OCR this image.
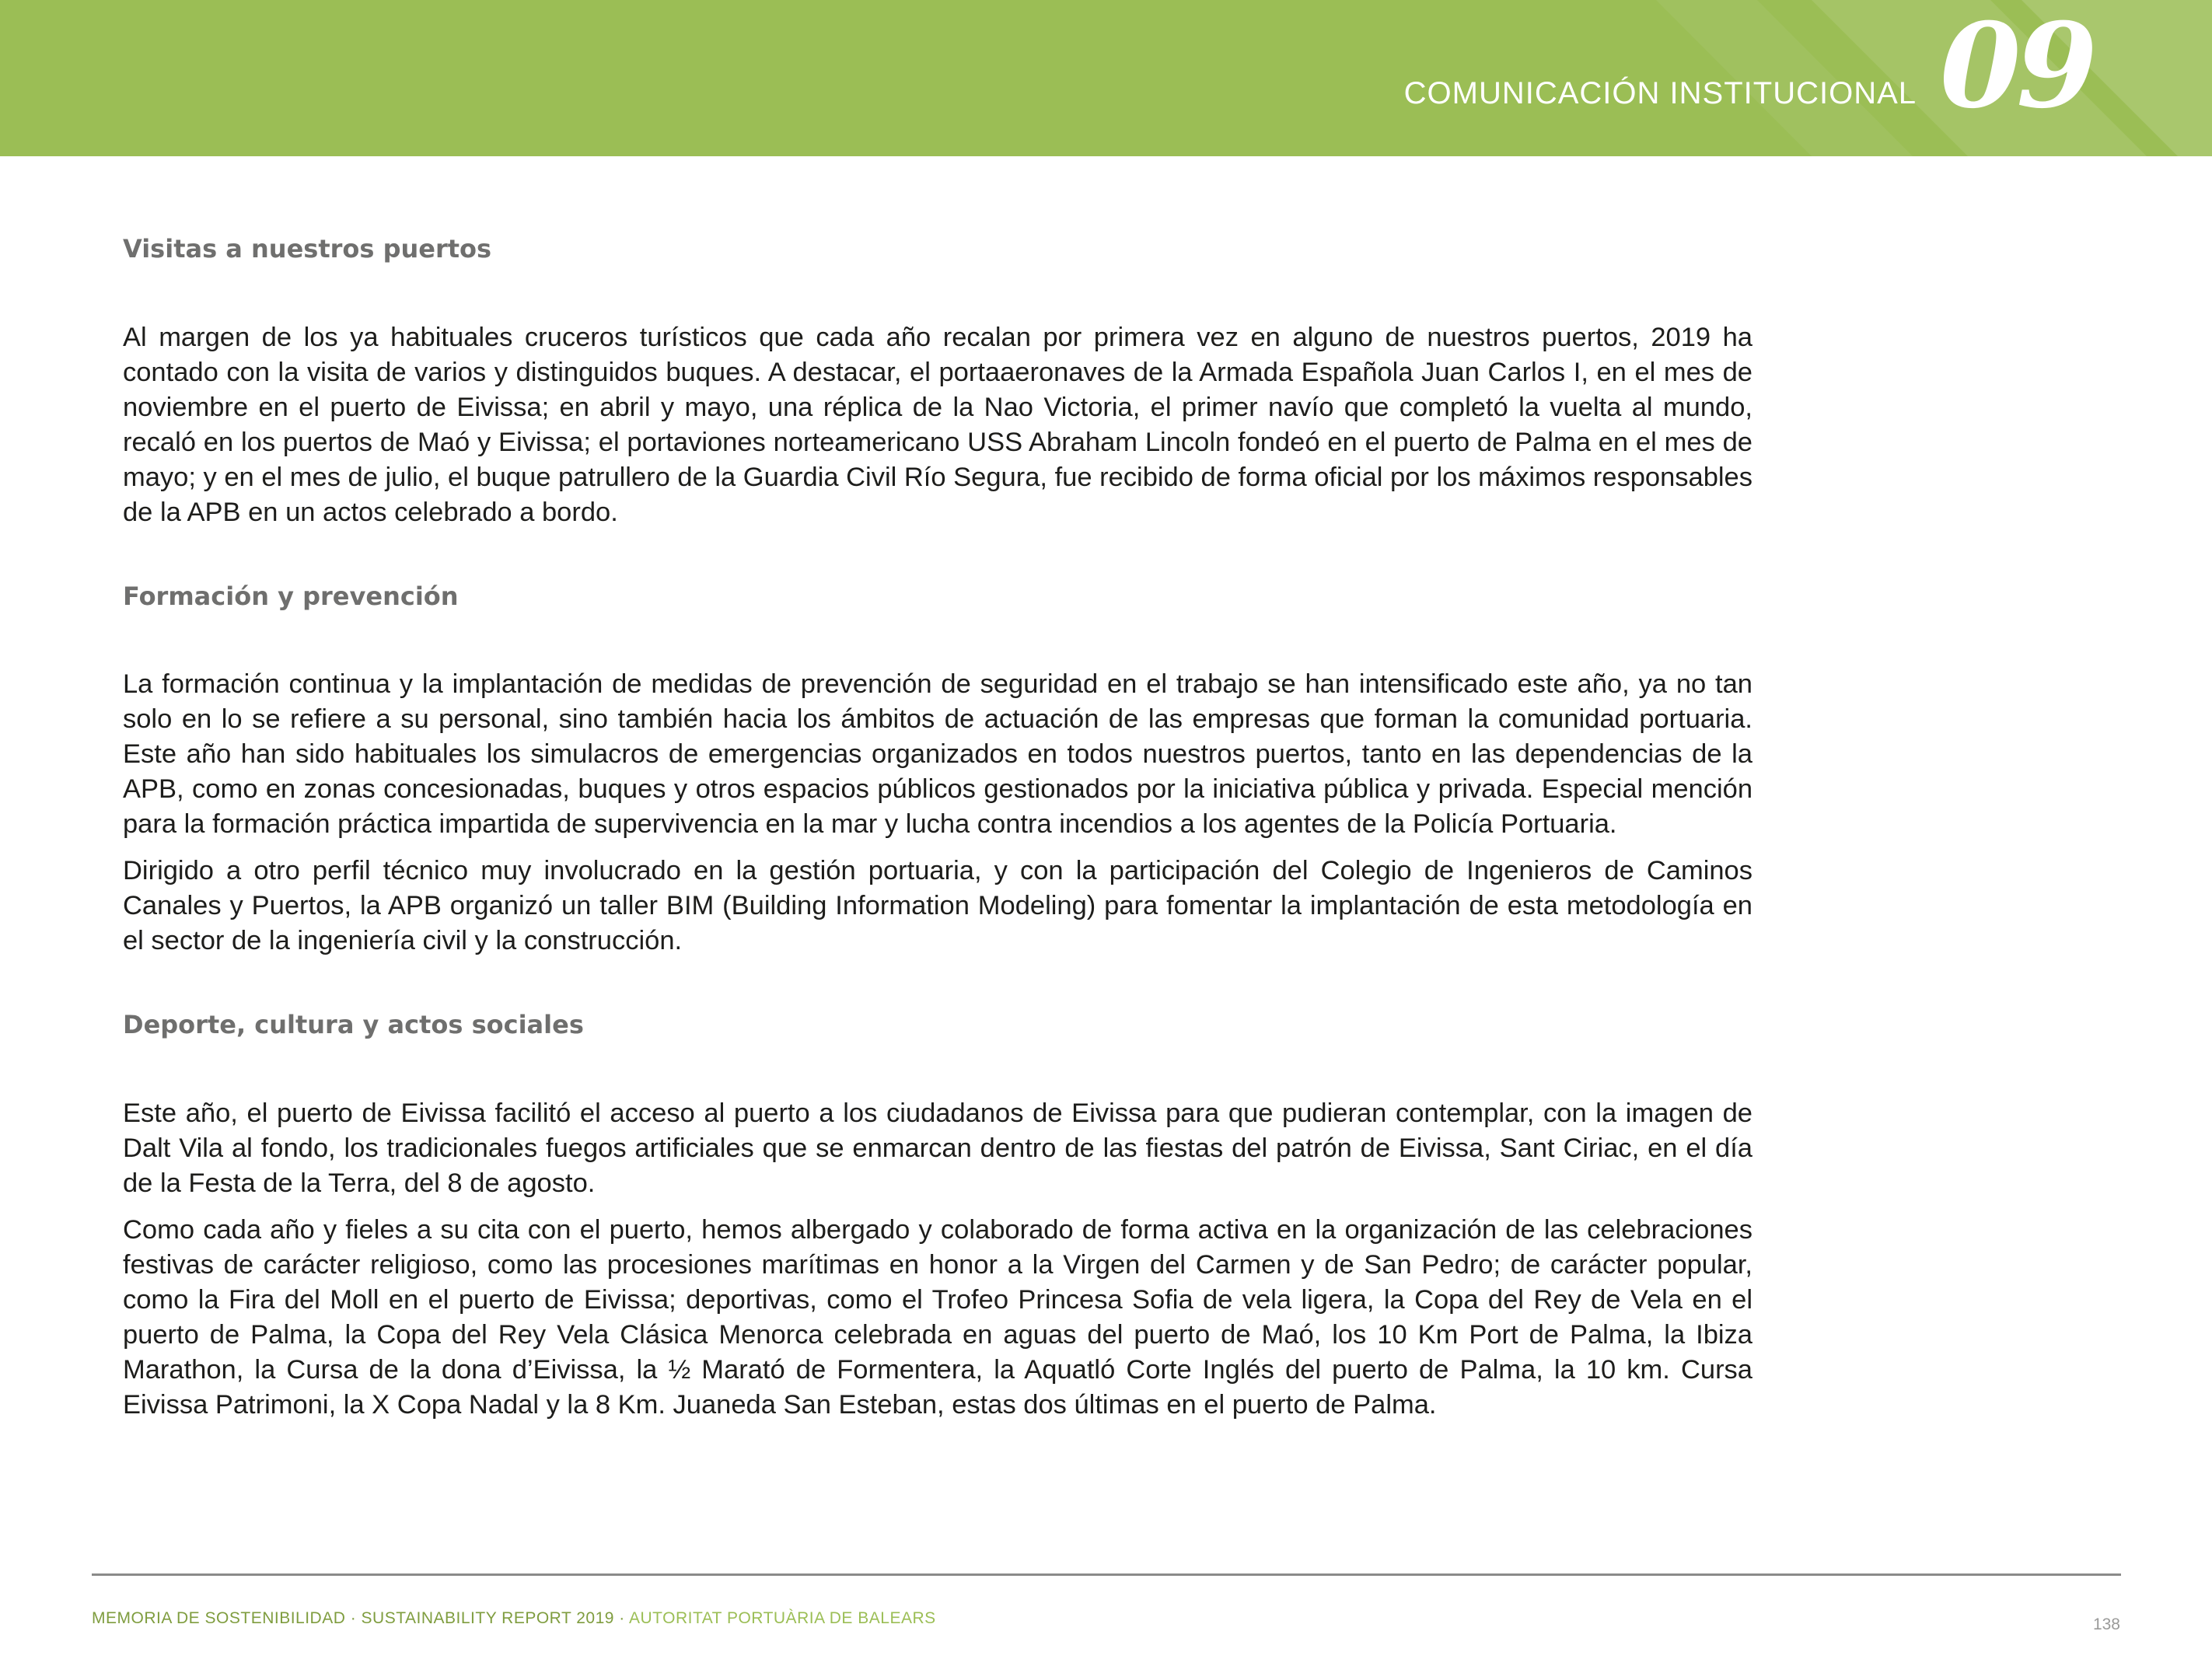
COMUNICACIÓN INSTITUCIONAL 09
Visitas a nuestros puertos

Al margen de los ya habituales cruceros turísticos que cada año recalan por primera vez en alguno de nuestros puertos, 2019 ha contado con la visita de varios y distinguidos buques. A destacar, el portaaeronaves de la Armada Española Juan Carlos I, en el mes de noviembre en el puerto de Eivissa; en abril y mayo, una réplica de la Nao Victoria, el primer navío que completó la vuelta al mundo, recaló en los puertos de Maó y Eivissa; el portaviones norteamericano USS Abraham Lincoln fondeó en el puerto de Palma en el mes de mayo; y en el mes de julio, el buque patrullero de la Guardia Civil Río Segura, fue recibido de forma oficial por los máximos responsables de la APB en un actos celebrado a bordo.

Formación y prevención

La formación continua y la implantación de medidas de prevención de seguridad en el trabajo se han intensificado este año, ya no tan solo en lo se refiere a su personal, sino también hacia los ámbitos de actuación de las empresas que forman la comunidad portuaria. Este año han sido habituales los simulacros de emergencias organizados en todos nuestros puertos, tanto en las dependencias de la APB, como en zonas concesionadas, buques y otros espacios públicos gestionados por la iniciativa pública y privada. Especial mención para la formación práctica impartida de supervivencia en la mar y lucha contra incendios a los agentes de la Policía Portuaria.

Dirigido a otro perfil técnico muy involucrado en la gestión portuaria, y con la participación del Colegio de Ingenieros de Caminos Canales y Puertos, la APB organizó un taller BIM (Building Information Modeling) para fomentar la implantación de esta metodología en el sector de la ingeniería civil y la construcción.

Deporte, cultura y actos sociales

Este año, el puerto de Eivissa facilitó el acceso al puerto a los ciudadanos de Eivissa para que pudieran contemplar, con la imagen de Dalt Vila al fondo, los tradicionales fuegos artificiales que se enmarcan dentro de las fiestas del patrón de Eivissa, Sant Ciriac, en el día de la Festa de la Terra, del 8 de agosto.

Como cada año y fieles a su cita con el puerto, hemos albergado y colaborado de forma activa en la organización de las celebraciones festivas de carácter religioso, como las procesiones marítimas en honor a la Virgen del Carmen y de San Pedro; de carácter popular, como la Fira del Moll en el puerto de Eivissa; deportivas, como el Trofeo Princesa Sofia de vela ligera, la Copa del Rey de Vela en el puerto de Palma, la Copa del Rey Vela Clásica Menorca celebrada en aguas del puerto de Maó, los 10 Km Port de Palma, la Ibiza Marathon, la Cursa de la dona d’Eivissa, la ½ Marató de Formentera, la Aquatló Corte Inglés del puerto de Palma, la 10 km. Cursa Eivissa Patrimoni, la X Copa Nadal y la 8 Km. Juaneda San Esteban, estas dos últimas en el puerto de Palma.

MEMORIA DE SOSTENIBILIDAD · SUSTAINABILITY REPORT 2019 · AUTORITAT PORTUÀRIA DE BALEARS	138
